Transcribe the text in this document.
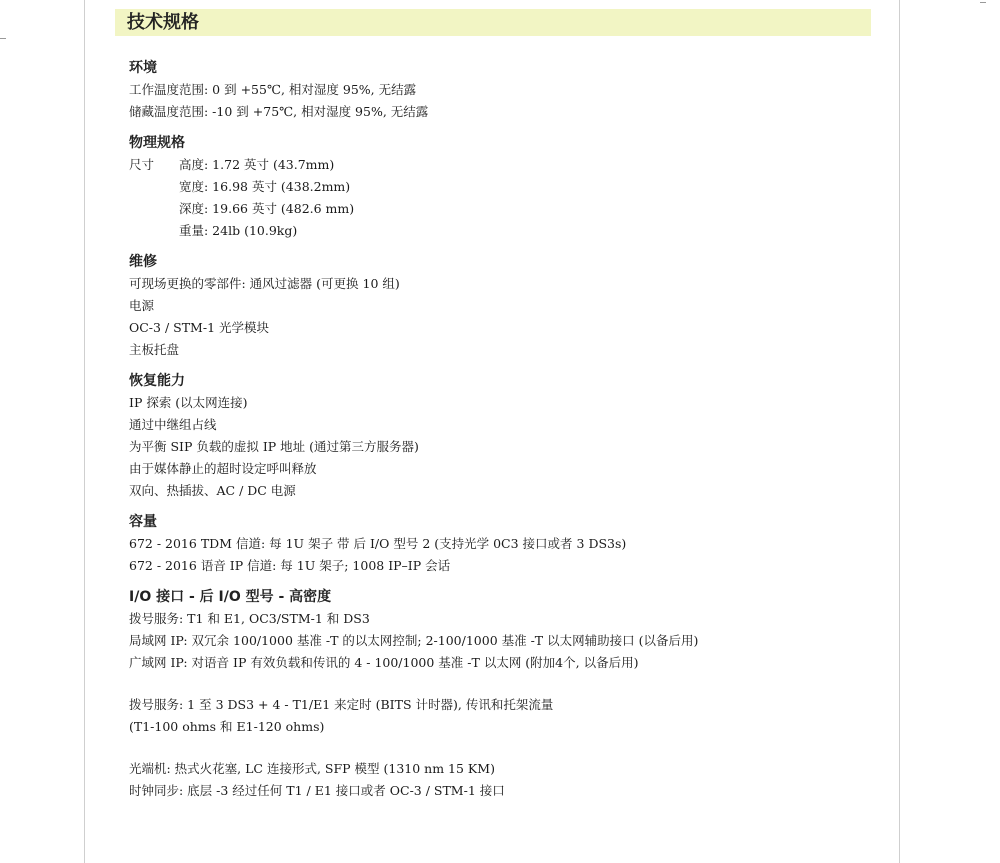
技术规格
环境
工作温度范围: 0 到 +55℃, 相对湿度 95%, 无结露
储藏温度范围: -10 到 +75℃, 相对湿度 95%, 无结露
物理规格
尺寸	高度: 1.72 英寸 (43.7mm)
宽度: 16.98 英寸 (438.2mm)
深度: 19.66 英寸 (482.6 mm)
重量: 24lb (10.9kg)
维修
可现场更换的零部件: 通风过滤器 (可更换 10 组)
电源
OC-3 / STM-1 光学模块
主板托盘
恢复能力
IP 探索 (以太网连接)
通过中继组占线
为平衡 SIP 负载的虚拟 IP 地址 (通过第三方服务器)
由于媒体静止的超时设定呼叫释放
双向、热插拔、AC / DC 电源
容量
672 - 2016 TDM 信道: 每 1U 架子 带 后 I/O 型号 2 (支持光学 0C3 接口或者 3 DS3s)
672 - 2016 语音 IP 信道: 每 1U 架子; 1008 IP–IP 会话
I/O 接口 - 后 I/O 型号 - 高密度
拨号服务: T1 和 E1, OC3/STM-1 和 DS3
局域网 IP: 双冗余 100/1000 基准 -T 的以太网控制; 2-100/1000 基准 -T 以太网辅助接口 (以备后用)
广域网 IP: 对语音 IP 有效负载和传讯的 4 - 100/1000 基准 -T 以太网 (附加4个, 以备后用)
拨号服务: 1 至 3 DS3 + 4 - T1/E1 来定时 (BITS 计时器), 传讯和托架流量
(T1-100 ohms 和 E1-120 ohms)
光端机: 热式火花塞, LC 连接形式, SFP 模型 (1310 nm 15 KM)
时钟同步: 底层 -3 经过任何 T1 / E1 接口或者 OC-3 / STM-1 接口
